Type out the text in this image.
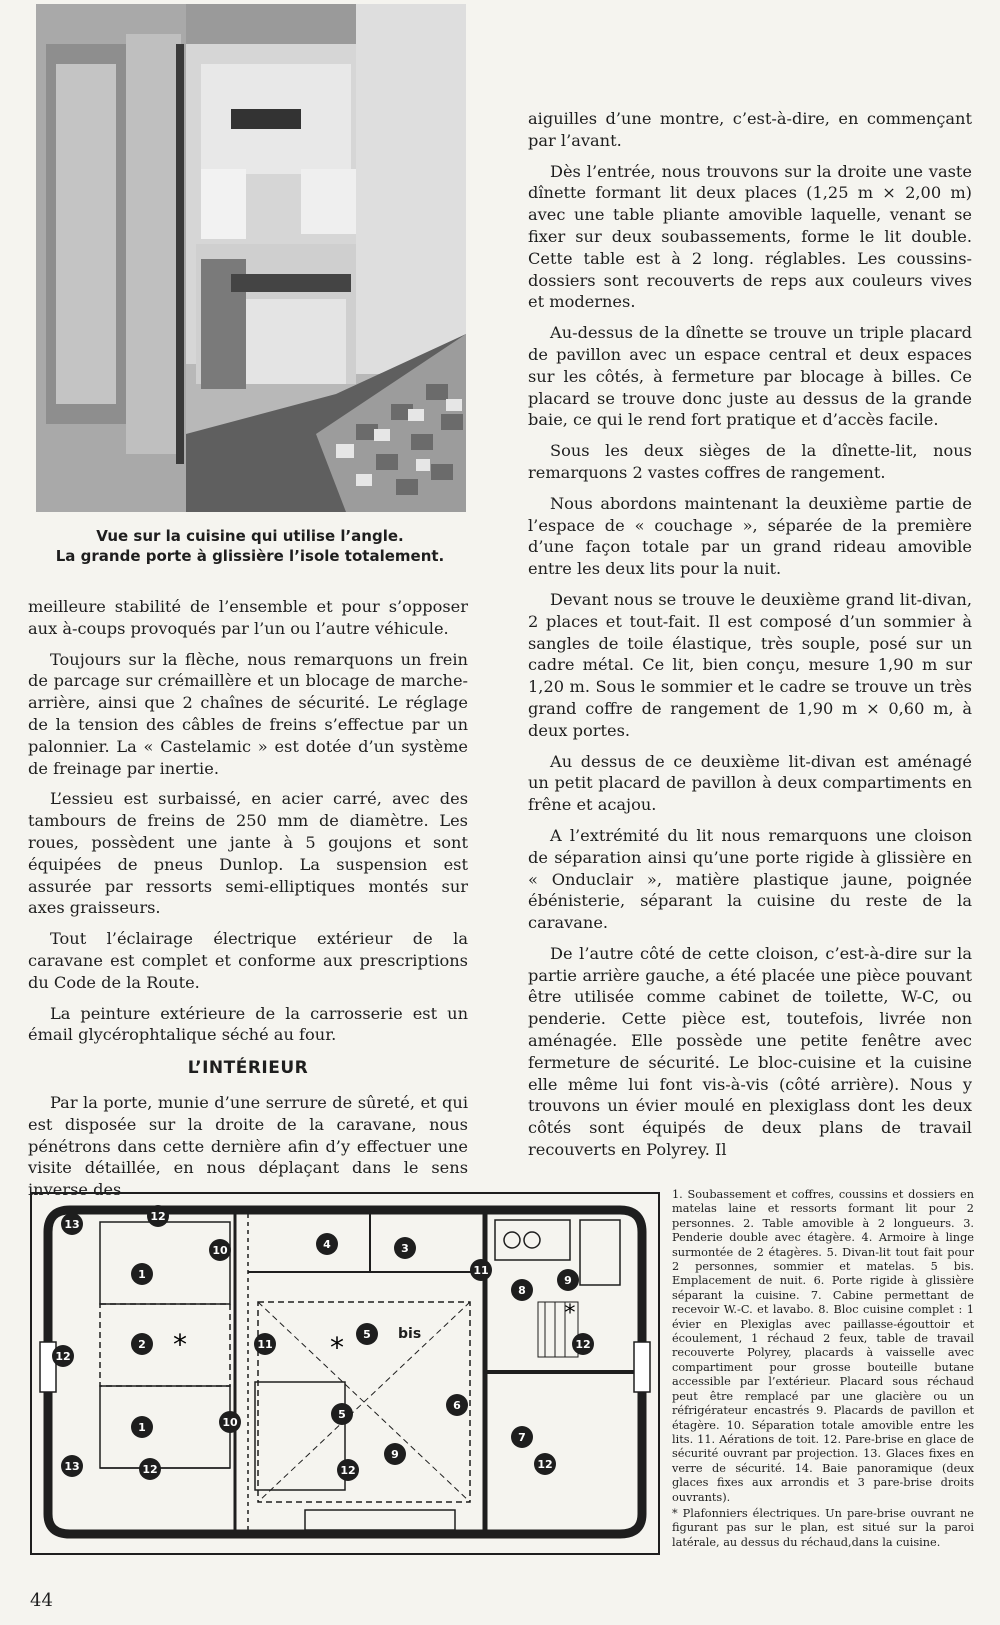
Vue sur la cuisine qui utilise l’angle.
La grande porte à glissière l’isole totalement.

meilleure stabilité de l’ensemble et pour s’opposer aux à-coups provoqués par l’un ou l’autre véhicule.

Toujours sur la flèche, nous remarquons un frein de parcage sur crémaillère et un blocage de marche-arrière, ainsi que 2 chaînes de sécurité. Le réglage de la tension des câbles de freins s’effectue par un palonnier. La « Castelamic » est dotée d’un système de freinage par inertie.

L’essieu est surbaissé, en acier carré, avec des tambours de freins de 250 mm de diamètre. Les roues, possèdent une jante à 5 goujons et sont équipées de pneus Dunlop. La suspension est assurée par ressorts semi-elliptiques montés sur axes graisseurs.

Tout l’éclairage électrique extérieur de la caravane est complet et conforme aux prescriptions du Code de la Route.

La peinture extérieure de la carrosserie est un émail glycérophtalique séché au four.

L’INTÉRIEUR

Par la porte, munie d’une serrure de sûreté, et qui est disposée sur la droite de la caravane, nous pénétrons dans cette dernière afin d’y effectuer une visite détaillée, en nous déplaçant dans le sens inverse des

aiguilles d’une montre, c’est-à-dire, en commençant par l’avant.

Dès l’entrée, nous trouvons sur la droite une vaste dînette formant lit deux places (1,25 m × 2,00 m) avec une table pliante amovible laquelle, venant se fixer sur deux soubassements, forme le lit double. Cette table est à 2 long. réglables. Les coussins-dossiers sont recouverts de reps aux couleurs vives et modernes.

Au-dessus de la dînette se trouve un triple placard de pavillon avec un espace central et deux espaces sur les côtés, à fermeture par blocage à billes. Ce placard se trouve donc juste au dessus de la grande baie, ce qui le rend fort pratique et d’accès facile.

Sous les deux sièges de la dînette-lit, nous remarquons 2 vastes coffres de rangement.

Nous abordons maintenant la deuxième partie de l’espace de « couchage », séparée de la première d’une façon totale par un grand rideau amovible entre les deux lits pour la nuit.

Devant nous se trouve le deuxième grand lit-divan, 2 places et tout-fait. Il est composé d’un sommier à sangles de toile élastique, très souple, posé sur un cadre métal. Ce lit, bien conçu, mesure 1,90 m sur 1,20 m. Sous le sommier et le cadre se trouve un très grand coffre de rangement de 1,90 m × 0,60 m, à deux portes.

Au dessus de ce deuxième lit-divan est aménagé un petit placard de pavillon à deux compartiments en frêne et acajou.

A l’extrémité du lit nous remarquons une cloison de séparation ainsi qu’une porte rigide à glissière en « Onduclair », matière plastique jaune, poignée ébénisterie, séparant la cuisine du reste de la caravane.

De l’autre côté de cette cloison, c’est-à-dire sur la partie arrière gauche, a été placée une pièce pouvant être utilisée comme cabinet de toilette, W-C, ou penderie. Cette pièce est, toutefois, livrée non aménagée. Elle possède une petite fenêtre avec fermeture de sécurité. Le bloc-cuisine et la cuisine elle même lui font vis-à-vis (côté arrière). Nous y trouvons un évier moulé en plexiglass dont les deux côtés sont équipés de deux plans de travail recouverts en Polyrey. Il

*	*
*
1
2
1
3
4
5
5
6
7
8
9
9
10
10
11
11
12
12
12	12	12
12
13
13
bis

1. Soubassement et coffres, coussins et dossiers en matelas laine et ressorts formant lit pour 2 personnes. 2. Table amovible à 2 longueurs. 3. Penderie double avec étagère. 4. Armoire à linge surmontée de 2 étagères. 5. Divan-lit tout fait pour 2 personnes, sommier et matelas. 5 bis. Emplacement de nuit. 6. Porte rigide à glissière séparant la cuisine. 7. Cabine permettant de recevoir W.-C. et lavabo. 8. Bloc cuisine complet : 1 évier en Plexiglas avec paillasse-égouttoir et écoulement, 1 réchaud 2 feux, table de travail recouverte Polyrey, placards à vaisselle avec compartiment pour grosse bouteille butane accessible par l’extérieur. Placard sous réchaud peut être remplacé par une glacière ou un réfrigérateur encastrés 9. Placards de pavillon et étagère. 10. Séparation totale amovible entre les lits. 11. Aérations de toit. 12. Pare-brise en glace de sécurité ouvrant par projection. 13. Glaces fixes en verre de sécurité. 14. Baie panoramique (deux glaces fixes aux arrondis et 3 pare-brise droits ouvrants).

* Plafonniers électriques. Un pare-brise ouvrant ne figurant pas sur le plan, est situé sur la paroi latérale, au dessus du réchaud,dans la cuisine.

44
